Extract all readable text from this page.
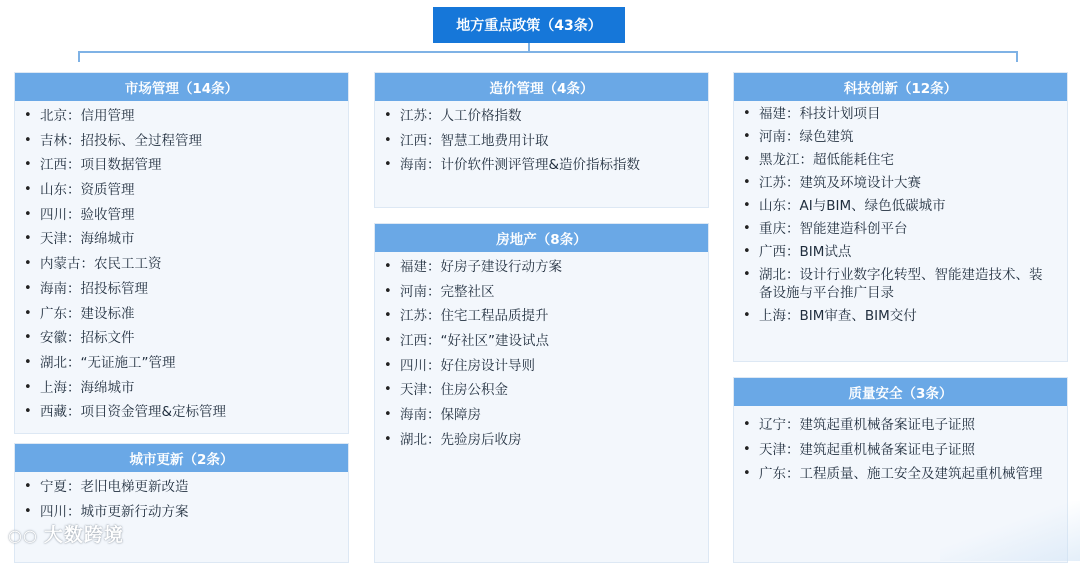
地方重点政策（43条）
市场管理（14条）
• 北京：信用管理
• 吉林：招投标、全过程管理
• 江西：项目数据管理
• 山东：资质管理
• 四川：验收管理
• 天津：海绵城市
• 内蒙古：农民工工资
• 海南：招投标管理
• 广东：建设标准
• 安徽：招标文件
• 湖北：“无证施工”管理
• 上海：海绵城市
• 西藏：项目资金管理&定标管理
城市更新（2条）
• 宁夏：老旧电梯更新改造
• 四川：城市更新行动方案
造价管理（4条）
• 江苏：人工价格指数
• 江西：智慧工地费用计取
• 海南：计价软件测评管理&造价指标指数
房地产（8条）
• 福建：好房子建设行动方案
• 河南：完整社区
• 江苏：住宅工程品质提升
• 江西：“好社区”建设试点
• 四川：好住房设计导则
• 天津：住房公积金
• 海南：保障房
• 湖北：先验房后收房
科技创新（12条）
• 福建：科技计划项目
• 河南：绿色建筑
• 黑龙江：超低能耗住宅
• 江苏：建筑及环境设计大赛
• 山东：AI与BIM、绿色低碳城市
• 重庆：智能建造科创平台
• 广西：BIM试点
• 湖北：设计行业数字化转型、智能建造技术、装备设施与平台推广目录
• 上海：BIM审查、BIM交付
质量安全（3条）
• 辽宁：建筑起重机械备案证电子证照
• 天津：建筑起重机械备案证电子证照
• 广东：工程质量、施工安全及建筑起重机械管理
○○ 大数跨境
